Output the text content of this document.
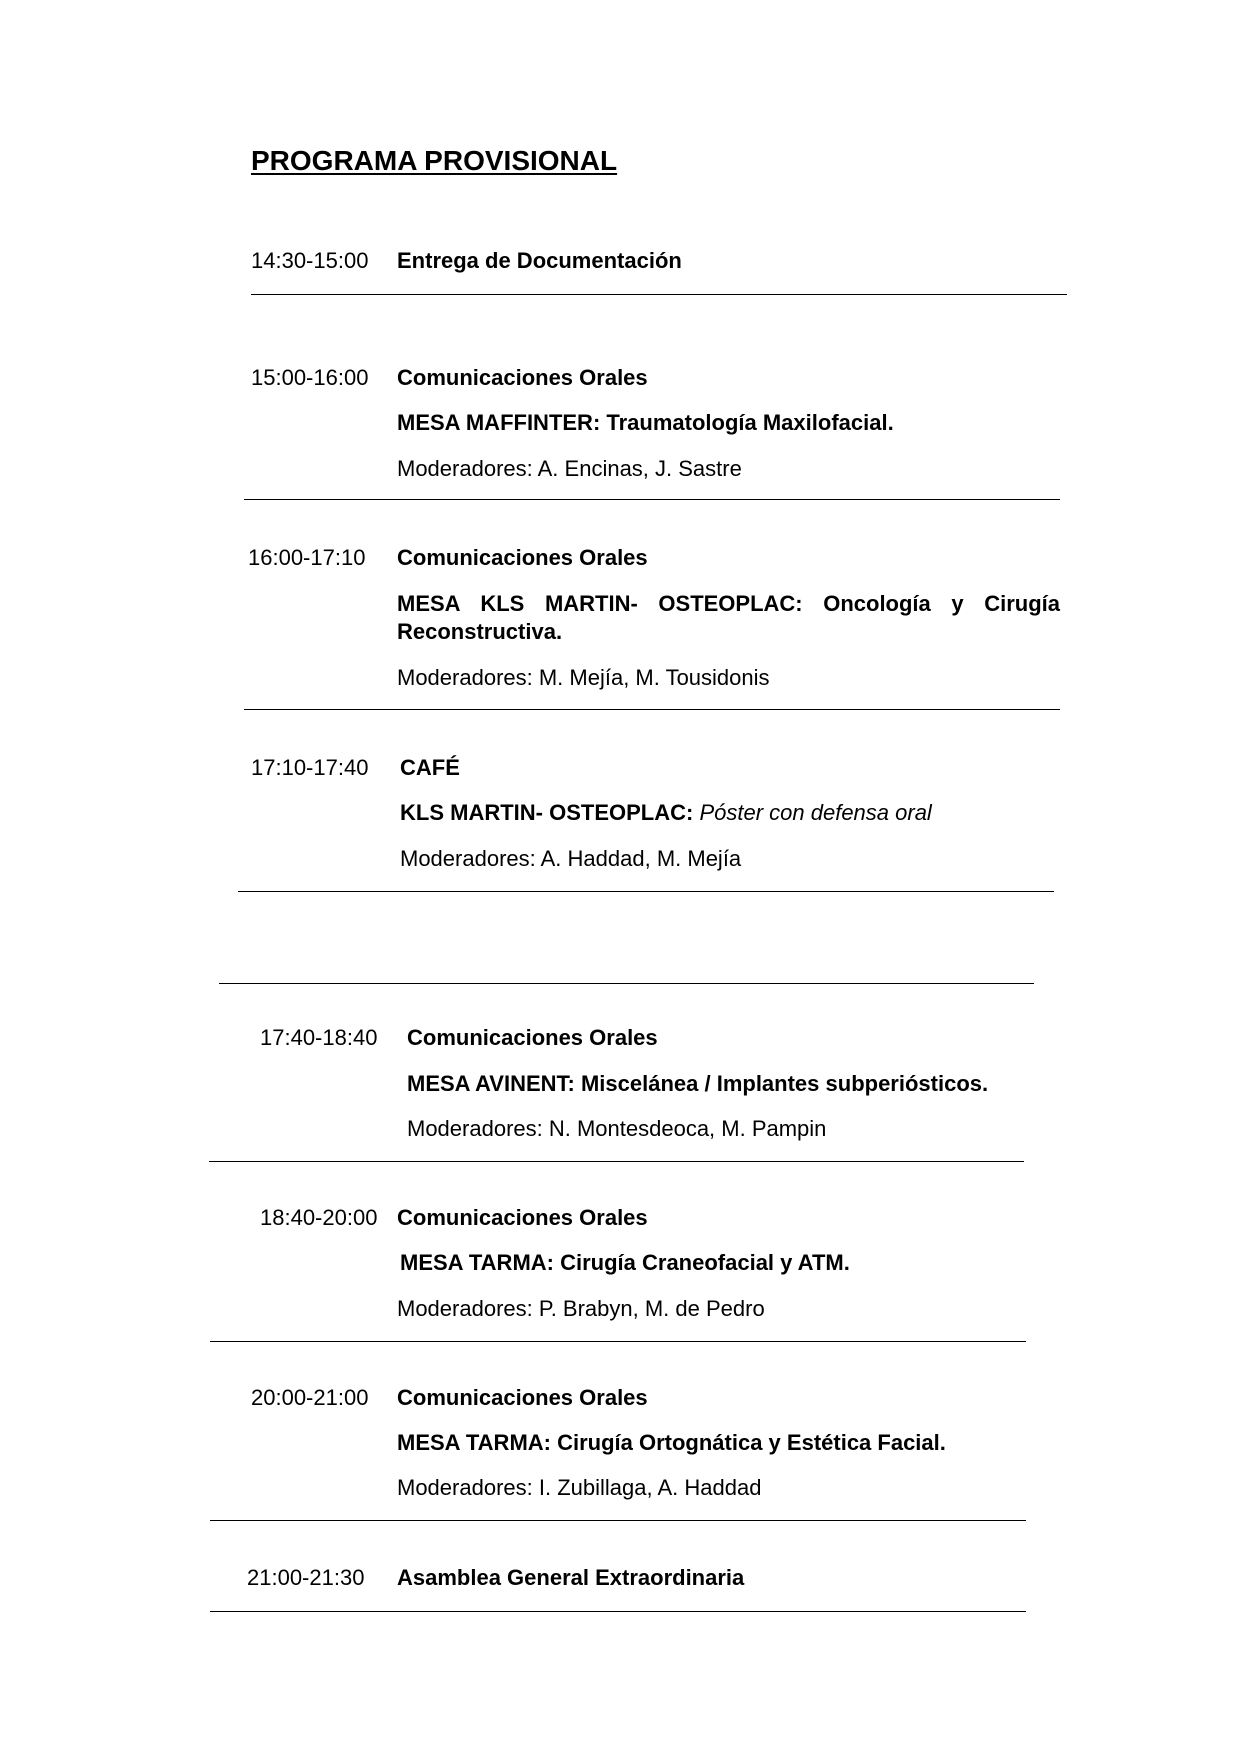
PROGRAMA PROVISIONAL
14:30-15:00 Entrega de Documentación
15:00-16:00 Comunicaciones Orales
MESA MAFFINTER: Traumatología Maxilofacial.
Moderadores: A. Encinas, J. Sastre
16:00-17:10 Comunicaciones Orales
MESA KLS MARTIN- OSTEOPLAC: Oncología y Cirugía
Reconstructiva.
Moderadores: M. Mejía, M. Tousidonis
17:10-17:40 CAFÉ
KLS MARTIN- OSTEOPLAC: Póster con defensa oral
Moderadores: A. Haddad, M. Mejía
17:40-18:40 Comunicaciones Orales
MESA AVINENT: Miscelánea / Implantes subperiósticos.
Moderadores: N. Montesdeoca, M. Pampin
18:40-20:00 Comunicaciones Orales
MESA TARMA: Cirugía Craneofacial y ATM.
Moderadores: P. Brabyn, M. de Pedro
20:00-21:00 Comunicaciones Orales
MESA TARMA: Cirugía Ortognática y Estética Facial.
Moderadores: I. Zubillaga, A. Haddad
21:00-21:30 Asamblea General Extraordinaria
